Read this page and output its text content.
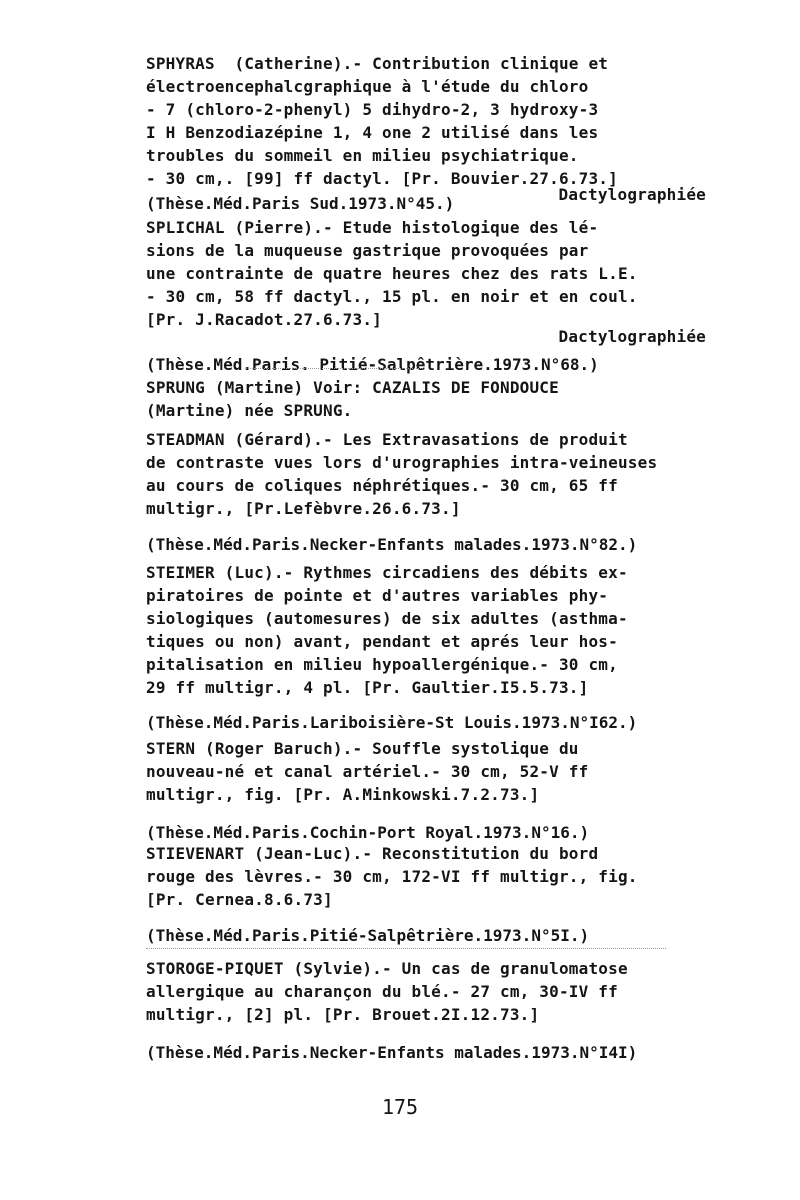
SPHYRAS  (Catherine).- Contribution clinique et
électroencephalcgraphique à l'étude du chloro
- 7 (chloro-2-phenyl) 5 dihydro-2, 3 hydroxy-3
I H Benzodiazépine 1, 4 one 2 utilisé dans les
troubles du sommeil en milieu psychiatrique.
- 30 cm,. [99] ff dactyl. [Pr. Bouvier.27.6.73.]
Dactylographiée
(Thèse.Méd.Paris Sud.1973.N°45.)
SPLICHAL (Pierre).- Etude histologique des lé-
sions de la muqueuse gastrique provoquées par
une contrainte de quatre heures chez des rats L.E.
- 30 cm, 58 ff dactyl., 15 pl. en noir et en coul.
[Pr. J.Racadot.27.6.73.]
Dactylographiée
(Thèse.Méd.Paris. Pitié-Salpêtrière.1973.N°68.)
SPRUNG (Martine) Voir: CAZALIS DE FONDOUCE
(Martine) née SPRUNG.
STEADMAN (Gérard).- Les Extravasations de produit
de contraste vues lors d'urographies intra-veineuses
au cours de coliques néphrétiques.- 30 cm, 65 ff
multigr., [Pr.Lefèbvre.26.6.73.]
(Thèse.Méd.Paris.Necker-Enfants malades.1973.N°82.)
STEIMER (Luc).- Rythmes circadiens des débits ex-
piratoires de pointe et d'autres variables phy-
siologiques (automesures) de six adultes (asthma-
tiques ou non) avant, pendant et aprés leur hos-
pitalisation en milieu hypoallergénique.- 30 cm,
29 ff multigr., 4 pl. [Pr. Gaultier.I5.5.73.]
(Thèse.Méd.Paris.Lariboisière-St Louis.1973.N°I62.)
STERN (Roger Baruch).- Souffle systolique du
nouveau-né et canal artériel.- 30 cm, 52-V ff
multigr., fig. [Pr. A.Minkowski.7.2.73.]
(Thèse.Méd.Paris.Cochin-Port Royal.1973.N°16.)
STIEVENART (Jean-Luc).- Reconstitution du bord
rouge des lèvres.- 30 cm, 172-VI ff multigr., fig.
[Pr. Cernea.8.6.73]
(Thèse.Méd.Paris.Pitié-Salpêtrière.1973.N°5I.)
STOROGE-PIQUET (Sylvie).- Un cas de granulomatose
allergique au charançon du blé.- 27 cm, 30-IV ff
multigr., [2] pl. [Pr. Brouet.2I.12.73.]
(Thèse.Méd.Paris.Necker-Enfants malades.1973.N°I4I)
175
